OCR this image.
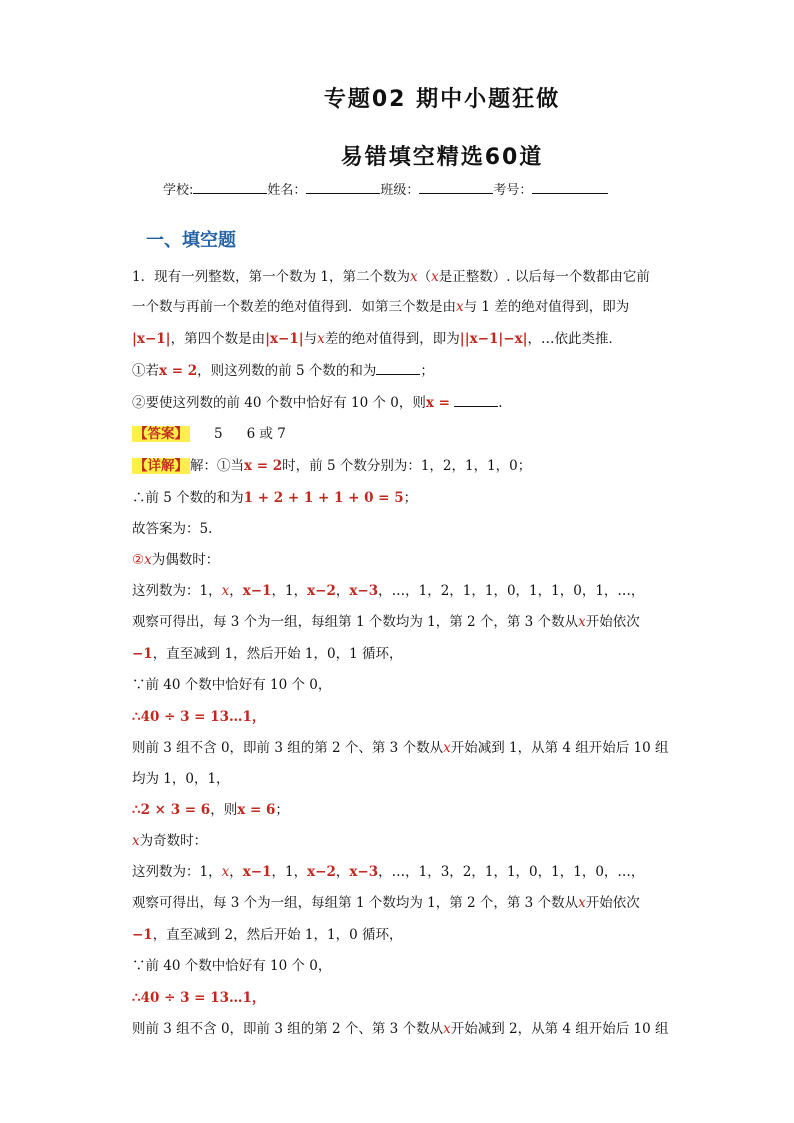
专题02 期中小题狂做
易错填空精选60道
学校:	姓名：	班级：	考号：
一、填空题
1．现有一列整数，第一个数为 1，第二个数为x（x是正整数）. 以后每一个数都由它前
一个数与再前一个数差的绝对值得到．如第三个数是由x与 1 差的绝对值得到，即为
|x−1|，第四个数是由|x−1|与x差的绝对值得到，即为||x−1|−x|，…依此类推．
①若x = 2，则这列数的前 5 个数的和为	；
②要使这列数的前 40 个数中恰好有 10 个 0，则x =	.
【答案】 5 6 或 7
【详解】 解：①当x = 2时，前 5 个数分别为：1，2，1，1，0；
∴前 5 个数的和为1 + 2 + 1 + 1 + 0 = 5；
故答案为：5.
②x为偶数时：
这列数为：1，x，x−1，1，x−2，x−3，…，1，2，1，1，0，1，1，0，1，…，
观察可得出，每 3 个为一组，每组第 1 个数均为 1，第 2 个，第 3 个数从x开始依次
−1，直至减到 1，然后开始 1，0，1 循环，
∵前 40 个数中恰好有 10 个 0，
∴40 ÷ 3 = 13…1，
则前 3 组不含 0，即前 3 组的第 2 个、第 3 个数从x开始减到 1，从第 4 组开始后 10 组
均为 1，0，1，
∴2 × 3 = 6，则x = 6；
x为奇数时：
这列数为：1，x，x−1，1，x−2，x−3，…，1，3，2，1，1，0，1，1，0，…，
观察可得出，每 3 个为一组，每组第 1 个数均为 1，第 2 个，第 3 个数从x开始依次
−1，直至减到 2，然后开始 1，1，0 循环，
∵前 40 个数中恰好有 10 个 0，
∴40 ÷ 3 = 13…1，
则前 3 组不含 0，即前 3 组的第 2 个、第 3 个数从x开始减到 2，从第 4 组开始后 10 组
